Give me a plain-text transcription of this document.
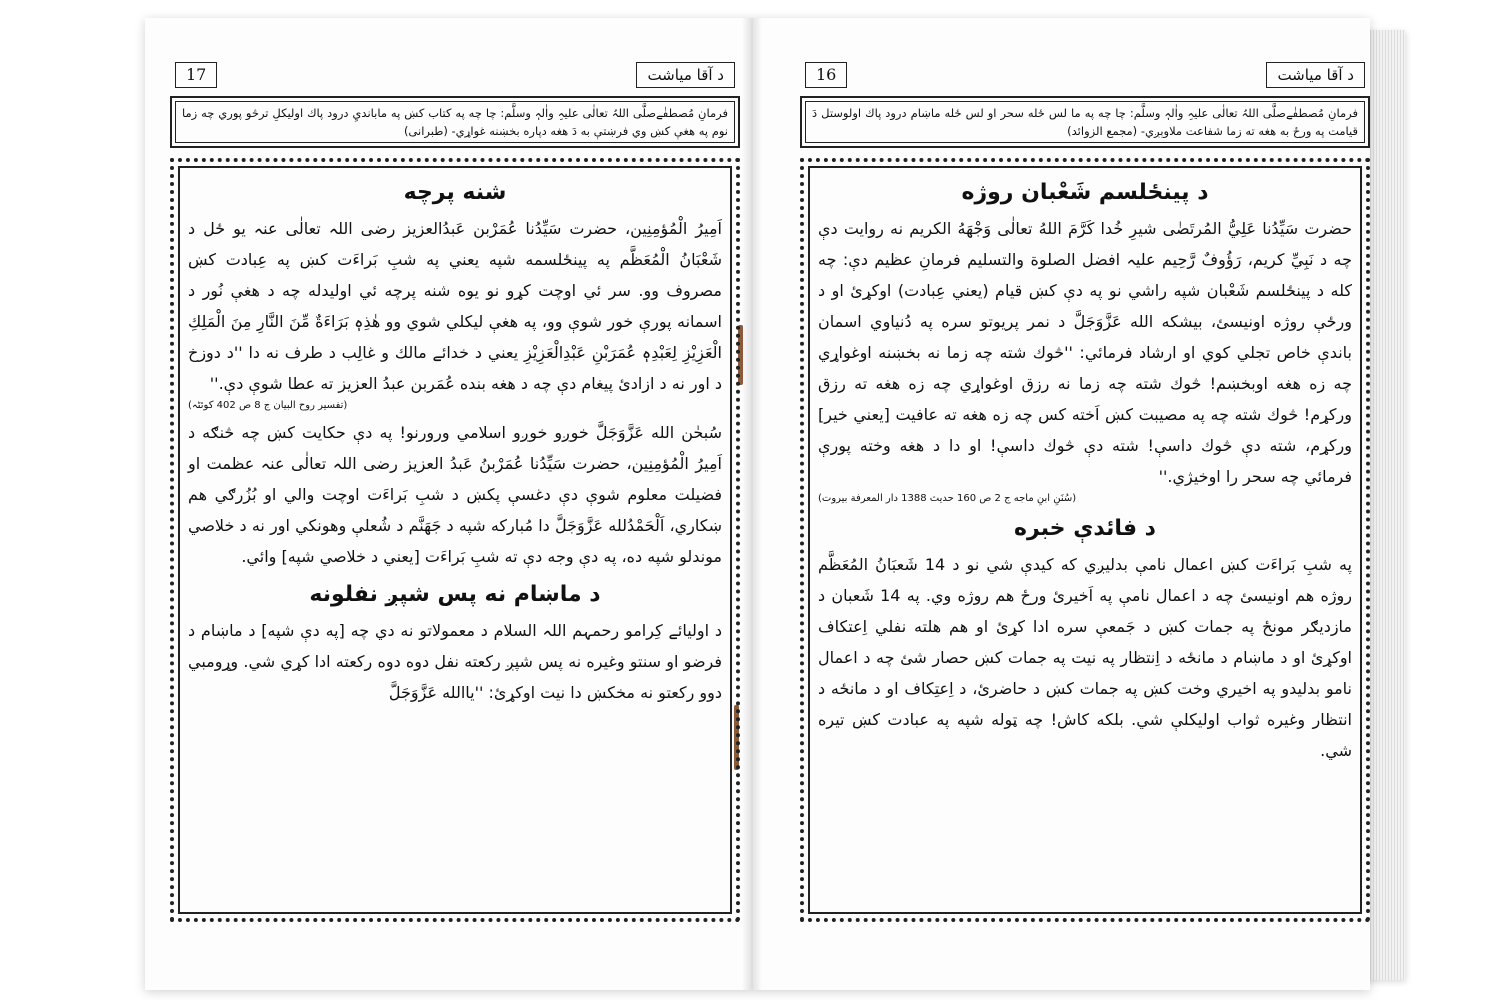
17	د آقا مياشت
فرمانِ مُصطفٰےصلَّی اللہُ تعالٰی علیہِ واٰلہٖ وسلَّم: چا چه په كتاب كښ په مابانديِ درود پاك اوليكلِ ترڅو پوري چه زما نوم په هغې كښ وي فرښتې به دَ هغه دپاره بخښنه غواړي- (طبرانى)
شنه پرچه

اَمِيرُ الْمُؤمِنِين، حضرت سَيِّدُنا عُمَرْبن عَبدُالعزيز رضی اللہ تعالٰی عنہ يو ځل د شَعْبَانُ الْمُعَظَّم په پينځلسمه شپه يعني په شبِ بَراءَت كښ په عِبادت كښ مصروف وو. سر ئي اوچت كړو نو يوه شنه پرچه ئي اوليدله چه د هغې نُور د اسمانه پورې خور شوې وو، په هغې ليكلي شوي وو هٰذِهٖ بَرَاءَةٌ مِّنَ النَّارِ مِنَ الْمَلِكِ الْعَزِيْزِ لِعَبْدِهٖ عُمَرَبْنِ عَبْدِالْعَزِيْزِ يعني د خدائے مالك و غالِب د طرف نه دا ''د دوزخ د اور نه د ازادئ پيغام دې چه د هغه بنده عُمَربن عبدُ العزيز ته عطا شوې دې.''

(تفسیر روح البیان ج 8 ص 402 کوئٹہ)

سُبحٰن الله عَزَّوَجَلَّ خوږو خوږو اسلامي ورورنو! په دې حكايت كښ چه څنګه د اَمِيرُ الْمُؤمِنِين، حضرت سَيِّدُنا عُمَرْبنُ عَبدُ العزيز رضی اللہ تعالٰی عنہ عظمت او فضيلت معلوم شوې دې دغسې پكښ د شبِ بَراءَت اوچت والي او بُزُرګي هم ښكاري، اَلْحَمْدُلله عَزَّوَجَلَّ دا مُباركه شپه د جَهَنَّم د شُعلې وهونكي اور نه د خلاصي موندلو شپه ده، په دې وجه دې ته شبِ بَراءَت [يعني د خلاصي شپه] وائي.

د ماښام نه پس شپږ نفلونه

د اوليائے كِرامو رحمہم اللہ السلام د معمولاتو نه دي چه [په دې شپه] د ماښام د فرضو او سنتو وغيره نه پس شپږ ركعته نفل دوه دوه ركعته ادا كړي شي. وړومبي دوو ركعتو نه مخكښ دا نيت اوكړئ: ''ياالله عَزَّوَجَلَّ

16	د آقا مياشت
فرمانِ مُصطفٰےصلَّی اللہُ تعالٰی علیہِ واٰلہٖ وسلَّم: چا چه په ما لس ځله سحر او لس ځله ماښام درود پاك اولوستل دَ قيامت په ورځ به هغه ته زما شفاعت ملاوېږي- (مجمع الزوائد)
د پينځلسم شَعْبان روژه

حضرت سَيِّدُنا عَلِيُّ المُرتَضٰى شيرِ خُدا كَرَّمَ اللهُ تعالٰی وَجْهَهُ الكريم نه روايت دې چه د نَبِيِّ كريم، رَؤُوفٌ رَّحِيم علیہ افضل الصلوة والتسليم فرمانِ عظيم دې: چه كله د پينځلسم شَعْبان شپه راشي نو په دې كښ قيام (يعني عِبادت) اوكړئ او د ورځې روژه اونيسئ، بيشكه الله عَزَّوَجَلَّ د نمر پريوتو سره په دُنياوي اسمان باندې خاص تجلي كوي او ارشاد فرمائي: ''څوك شته چه زما نه بخښنه اوغواړي چه زه هغه اوبخښم! څوك شته چه زما نه رزق اوغواړي چه زه هغه ته رزق وركړم! څوك شته چه په مصيبت كښ اَخته كس چه زه هغه ته عافيت [يعني خير] وركړم، شته دې څوك داسې! شته دې څوك داسې! او دا د هغه وخته پورې فرمائي چه سحر را اوخيژي.''

(سُنَنِ ابنِ ماجه ج 2 ص 160 حديث 1388 دار المعرفة بيروت)

د فائدې خبره

په شبِ بَراءَت كښ اعمال نامې بدليږي كه كيدې شي نو د 14 شَعبَانُ المُعَظَّم روژه هم اونيسئ چه د اعمال نامې په اَخيرئ ورځ هم روژه وي. په 14 شَعبان د مازديګر مونځ په جمات كښ د جَمعې سره ادا كړئ او هم هلته نفلي اِعتكاف اوكړئ او د ماښام د مانځه د اِنتظار په نيت په جمات كښ حصار شئ چه د اعمال نامو بدليدو په اخيري وخت كښ په جمات كښ د حاضرئ، د اِعتِكاف او د مانځه د انتظار وغيره ثواب اوليكلې شي. بلكه كاش! چه ټوله شپه په عبادت كښ تيره شي.
